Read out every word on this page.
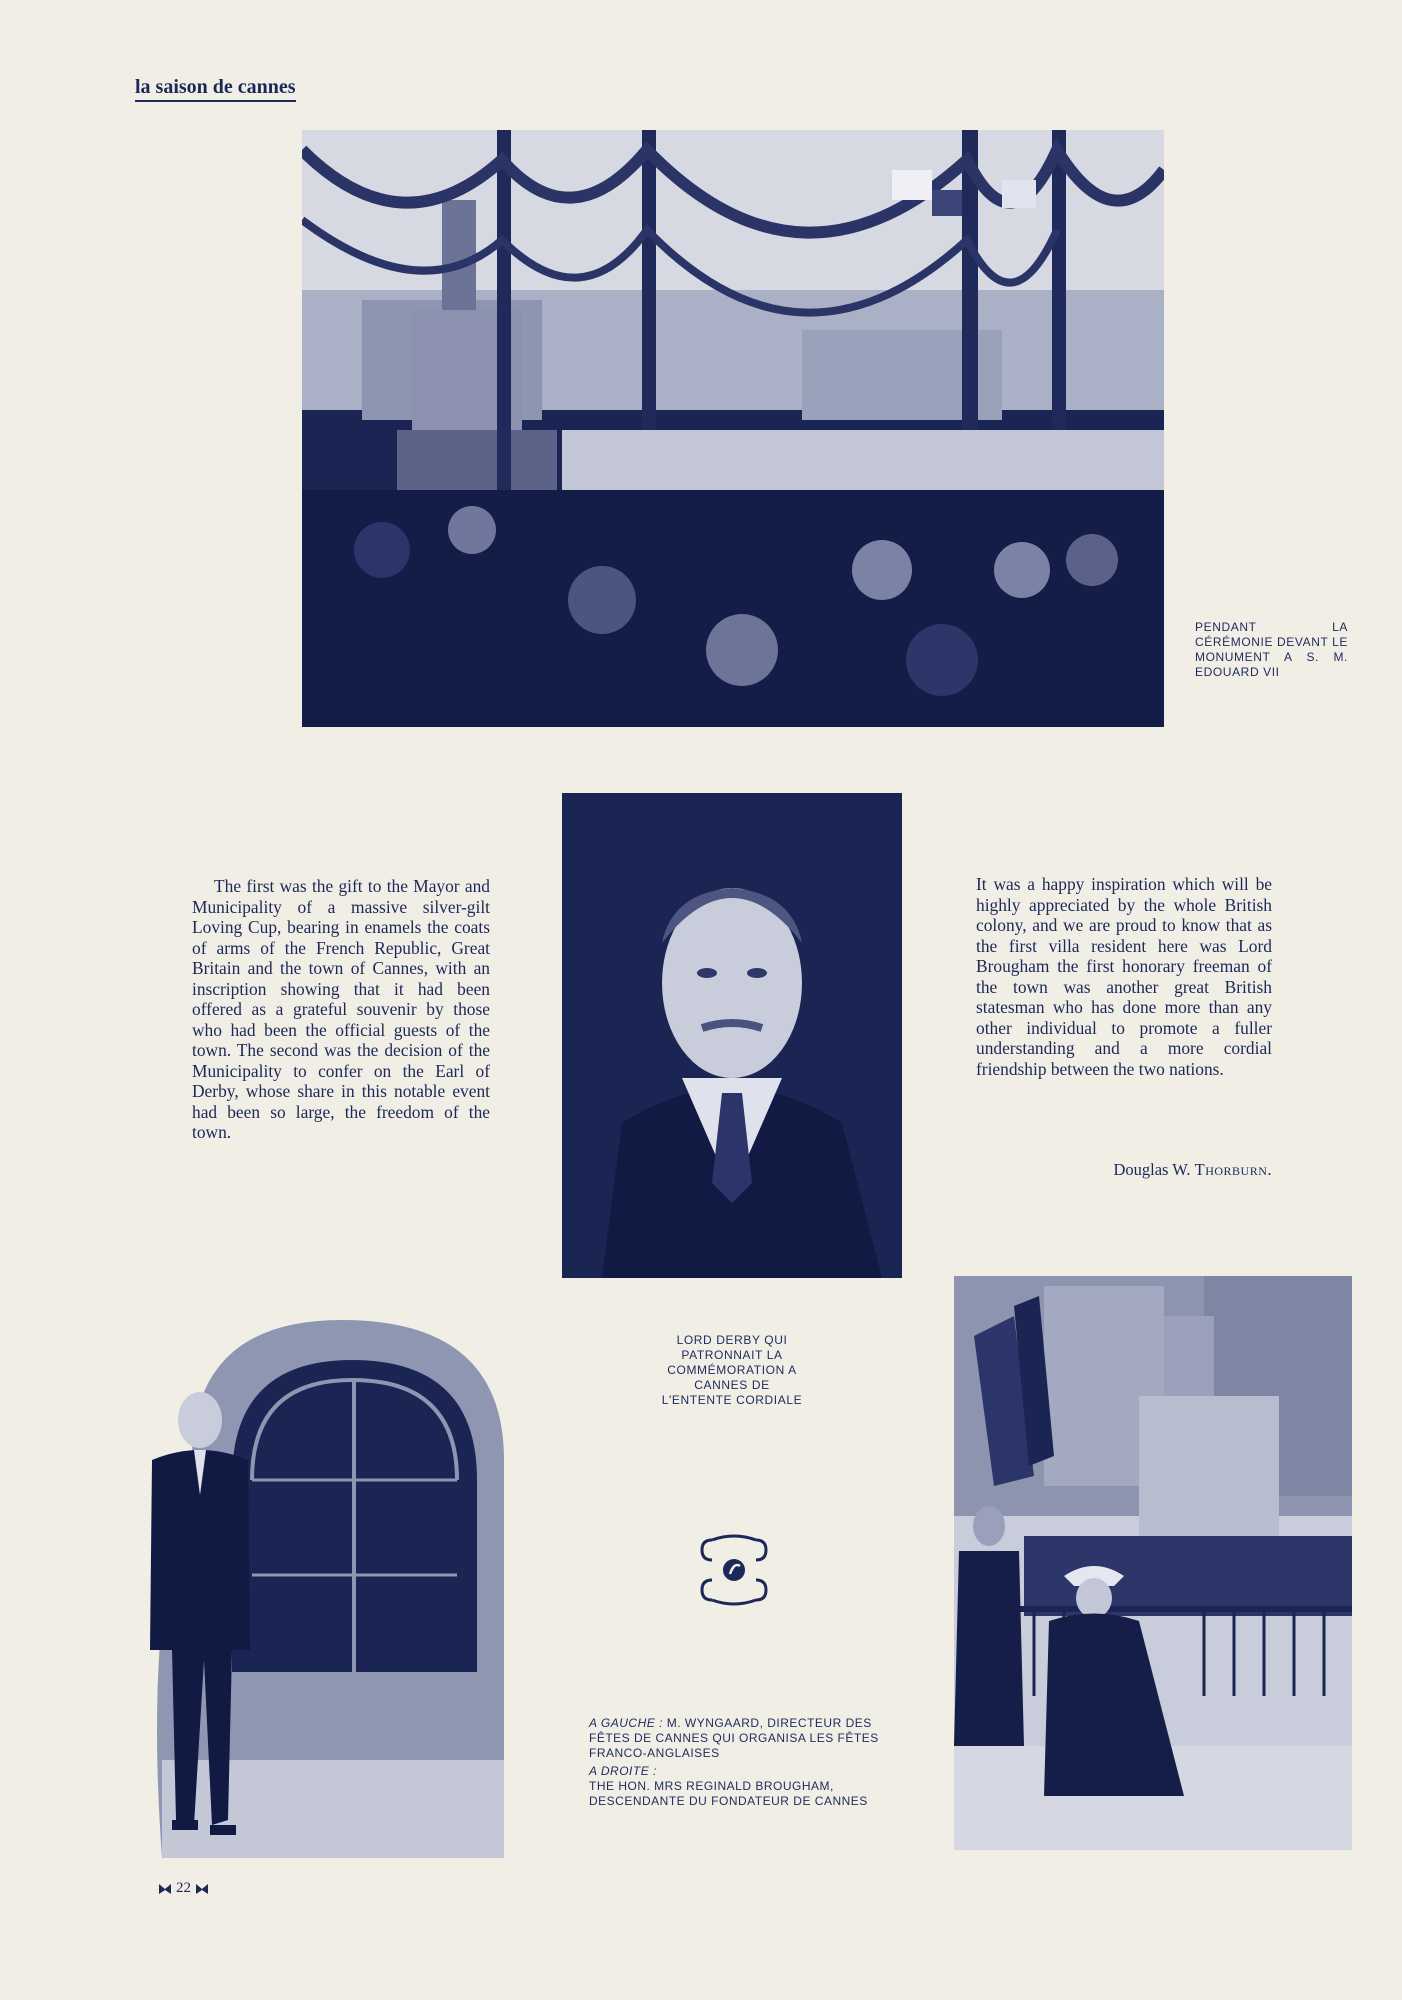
la saison de cannes
PENDANT LA CÉRÉMONIE DEVANT LE MONUMENT A S. M. EDOUARD VII
The first was the gift to the Mayor and Municipality of a massive silver-gilt Loving Cup, bearing in enamels the coats of arms of the French Republic, Great Britain and the town of Cannes, with an inscription showing that it had been offered as a grateful souvenir by those who had been the official guests of the town. The second was the decision of the Municipality to confer on the Earl of Derby, whose share in this notable event had been so large, the freedom of the town.
It was a happy inspiration which will be highly appreciated by the whole British colony, and we are proud to know that as the first villa resident here was Lord Brougham the first honorary freeman of the town was another great British statesman who has done more than any other individual to promote a fuller understanding and a more cordial friendship between the two nations.
Douglas W. Thorburn.
LORD DERBY QUI PATRONNAIT LA COMMÉMORATION A CANNES DE L'ENTENTE CORDIALE
A GAUCHE : M. WYNGAARD, DIRECTEUR DES FÊTES DE CANNES QUI ORGANISA LES FÊTES FRANCO-ANGLAISES
A DROITE :
THE HON. MRS REGINALD BROUGHAM, DESCENDANTE DU FONDATEUR DE CANNES
22
